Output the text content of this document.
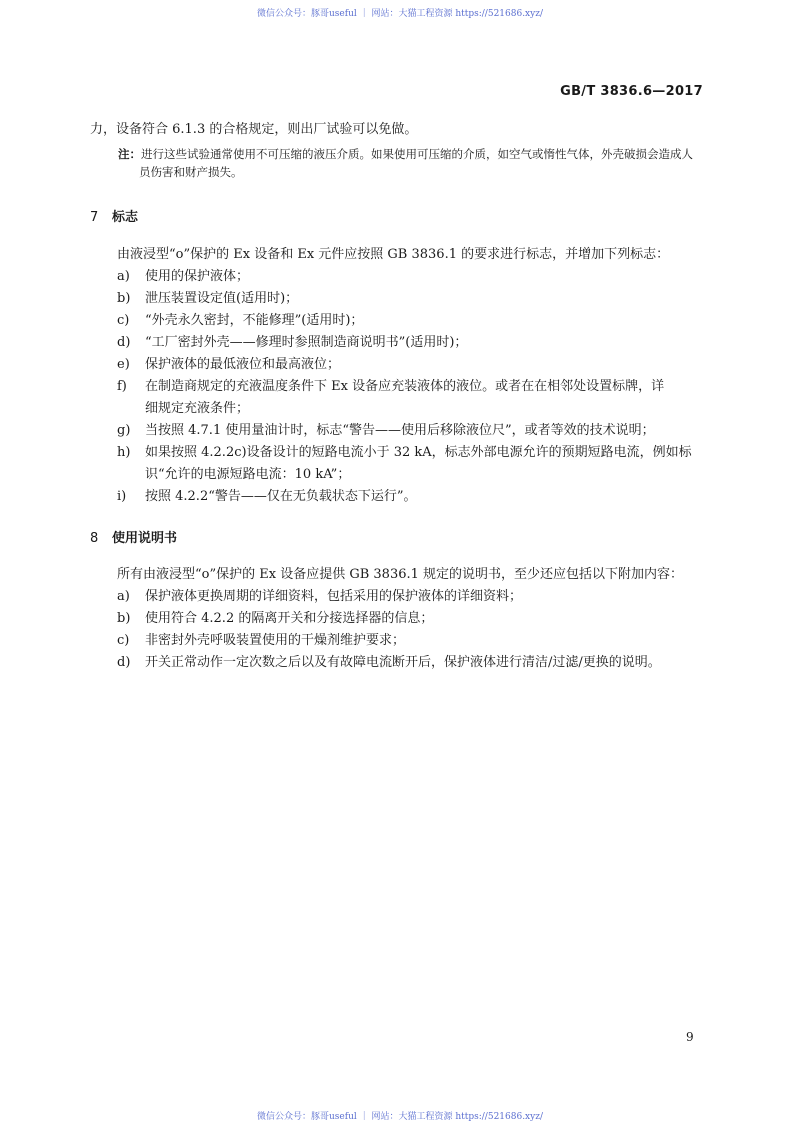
微信公众号：豚哥useful ｜ 网站：大猫工程资源 https://521686.xyz/
GB/T 3836.6—2017
力，设备符合 6.1.3 的合格规定，则出厂试验可以免做。
注：进行这些试验通常使用不可压缩的液压介质。如果使用可压缩的介质，如空气或惰性气体，外壳破损会造成人
员伤害和财产损失。
7 标志
由液浸型“o”保护的 Ex 设备和 Ex 元件应按照 GB 3836.1 的要求进行标志，并增加下列标志：
a) 使用的保护液体；
b) 泄压装置设定值(适用时)；
c) “外壳永久密封，不能修理”(适用时)；
d) “工厂密封外壳——修理时参照制造商说明书”(适用时)；
e) 保护液体的最低液位和最高液位；
f) 在制造商规定的充液温度条件下 Ex 设备应充装液体的液位。或者在在相邻处设置标牌，详
细规定充液条件；
g) 当按照 4.7.1 使用量油计时，标志“警告——使用后移除液位尺”，或者等效的技术说明；
h) 如果按照 4.2.2c)设备设计的短路电流小于 32 kA，标志外部电源允许的预期短路电流，例如标
识“允许的电源短路电流：10 kA”；
i) 按照 4.2.2“警告——仅在无负载状态下运行”。
8 使用说明书
所有由液浸型“o”保护的 Ex 设备应提供 GB 3836.1 规定的说明书，至少还应包括以下附加内容：
a) 保护液体更换周期的详细资料，包括采用的保护液体的详细资料；
b) 使用符合 4.2.2 的隔离开关和分接选择器的信息；
c) 非密封外壳呼吸装置使用的干燥剂维护要求；
d) 开关正常动作一定次数之后以及有故障电流断开后，保护液体进行清洁/过滤/更换的说明。
9
微信公众号：豚哥useful ｜ 网站：大猫工程资源 https://521686.xyz/
